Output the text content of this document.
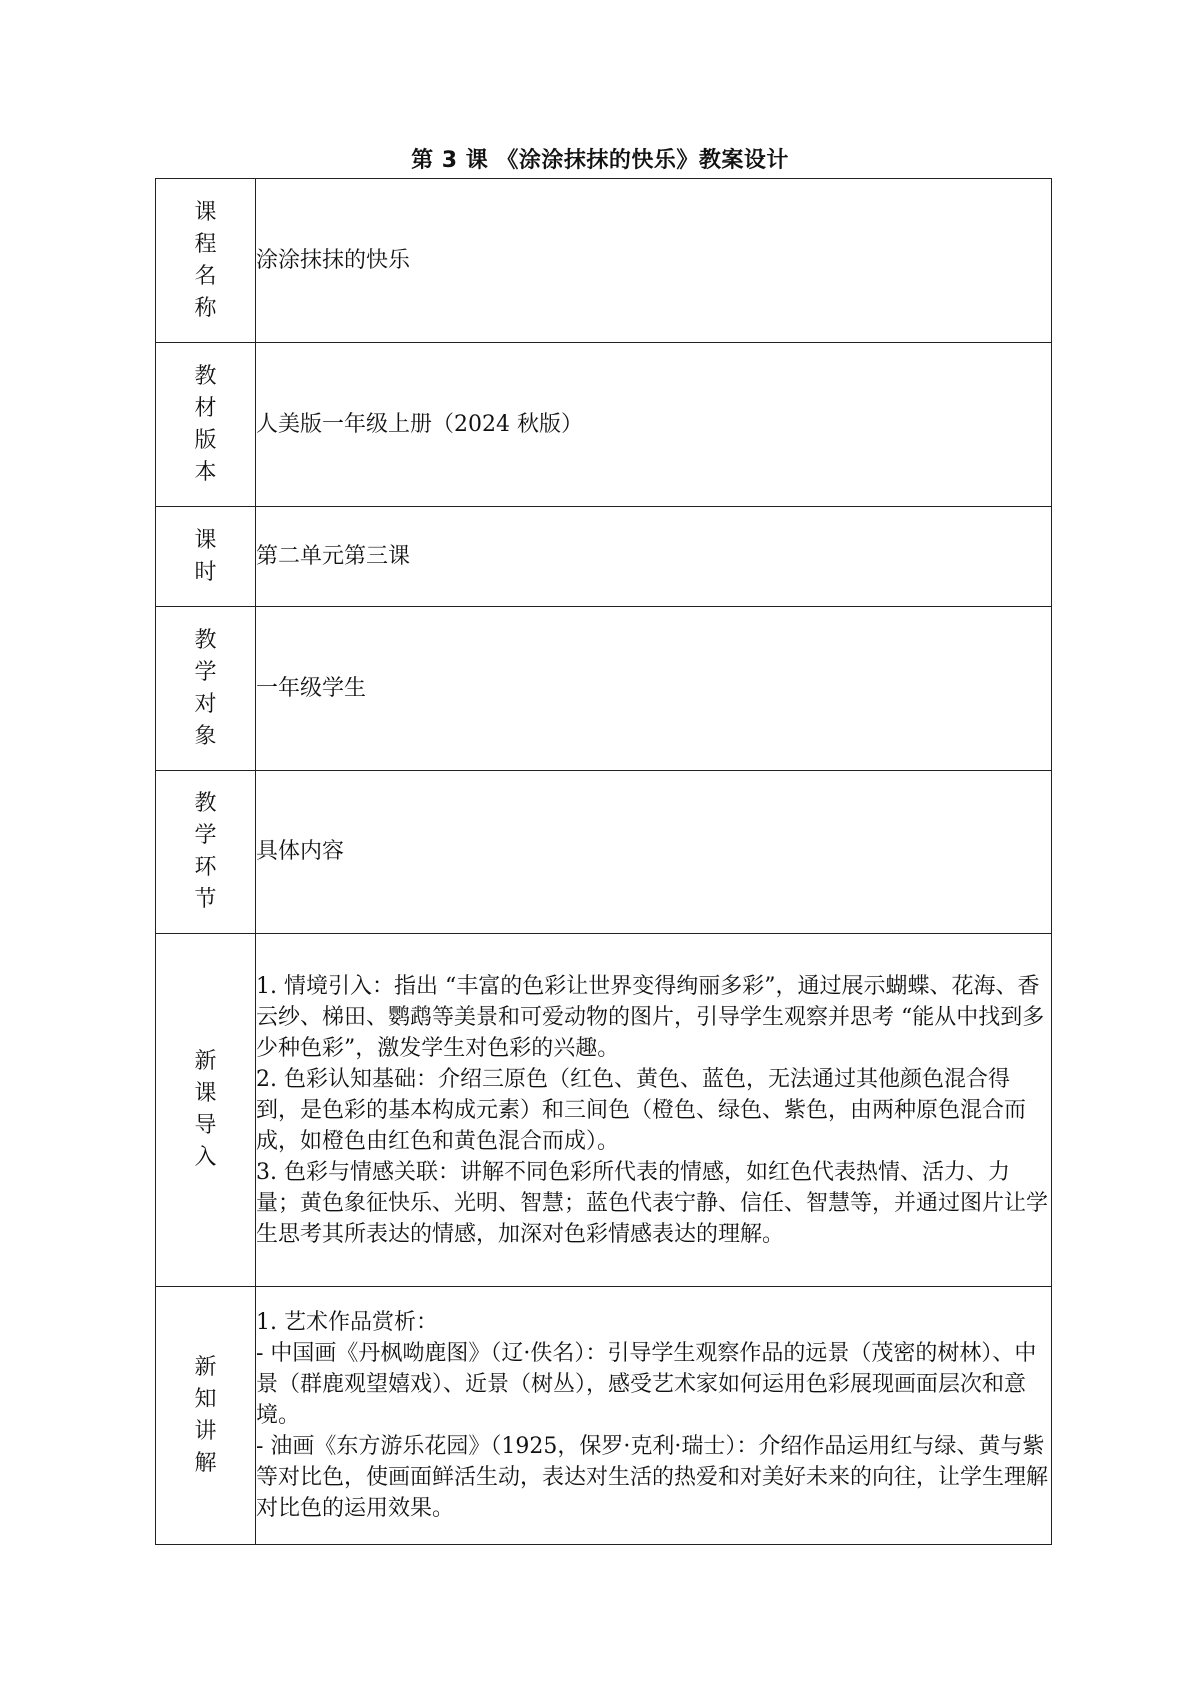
第 3 课 《涂涂抹抹的快乐》教案设计
课程名称	涂涂抹抹的快乐
教材版本	人美版一年级上册（2024 秋版）
课时	第二单元第三课
教学对象	一年级学生
教学环节	具体内容
新课导入	1. 情境引入：指出 “丰富的色彩让世界变得绚丽多彩”，通过展示蝴蝶、花海、香云纱、梯田、鹦鹉等美景和可爱动物的图片，引导学生观察并思考 “能从中找到多少种色彩”，激发学生对色彩的兴趣。

2. 色彩认知基础：介绍三原色（红色、黄色、蓝色，无法通过其他颜色混合得到，是色彩的基本构成元素）和三间色（橙色、绿色、紫色，由两种原色混合而成，如橙色由红色和黄色混合而成）。

3. 色彩与情感关联：讲解不同色彩所代表的情感，如红色代表热情、活力、力量；黄色象征快乐、光明、智慧；蓝色代表宁静、信任、智慧等，并通过图片让学生思考其所表达的情感，加深对色彩情感表达的理解。

新知讲解	1. 艺术作品赏析：

- 中国画《丹枫呦鹿图》（辽·佚名）：引导学生观察作品的远景（茂密的树林）、中景（群鹿观望嬉戏）、近景（树丛），感受艺术家如何运用色彩展现画面层次和意境。

- 油画《东方游乐花园》（1925，保罗·克利·瑞士）：介绍作品运用红与绿、黄与紫等对比色，使画面鲜活生动，表达对生活的热爱和对美好未来的向往，让学生理解对比色的运用效果。
